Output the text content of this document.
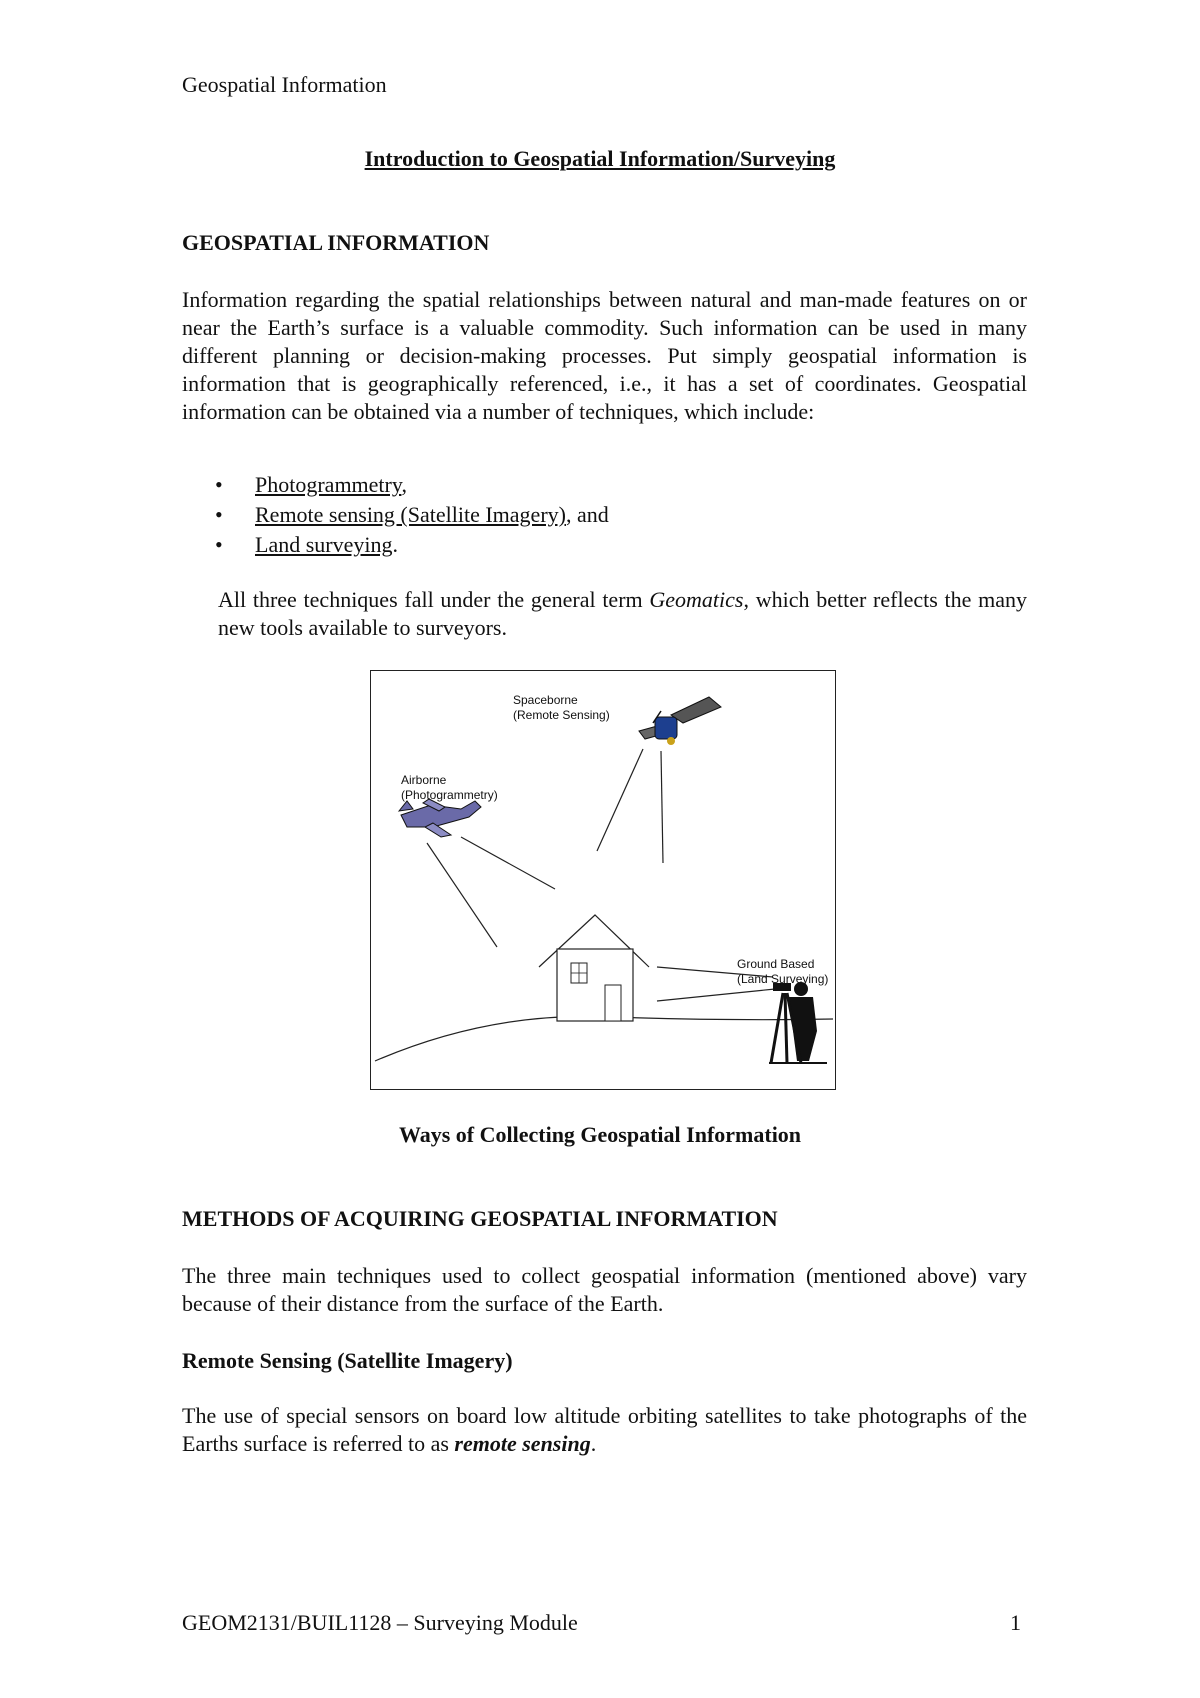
Geospatial Information
Introduction to Geospatial Information/Surveying
GEOSPATIAL INFORMATION
Information regarding the spatial relationships between natural and man-made features on or near the Earth’s surface is a valuable commodity. Such information can be used in many different planning or decision-making processes. Put simply geospatial information is information that is geographically referenced, i.e., it has a set of coordinates. Geospatial information can be obtained via a number of techniques, which include:
• Photogrammetry,
• Remote sensing (Satellite Imagery), and
• Land surveying.
All three techniques fall under the general term Geomatics, which better reflects the many new tools available to surveyors.
Spaceborne
(Remote Sensing)
Airborne
(Photogrammetry)
Ground Based
(Land Surveying)
Ways of Collecting Geospatial Information
METHODS OF ACQUIRING GEOSPATIAL INFORMATION
The three main techniques used to collect geospatial information (mentioned above) vary because of their distance from the surface of the Earth.
Remote Sensing (Satellite Imagery)
The use of special sensors on board low altitude orbiting satellites to take photographs of the Earths surface is referred to as remote sensing.
GEOM2131/BUIL1128 – Surveying Module	1
